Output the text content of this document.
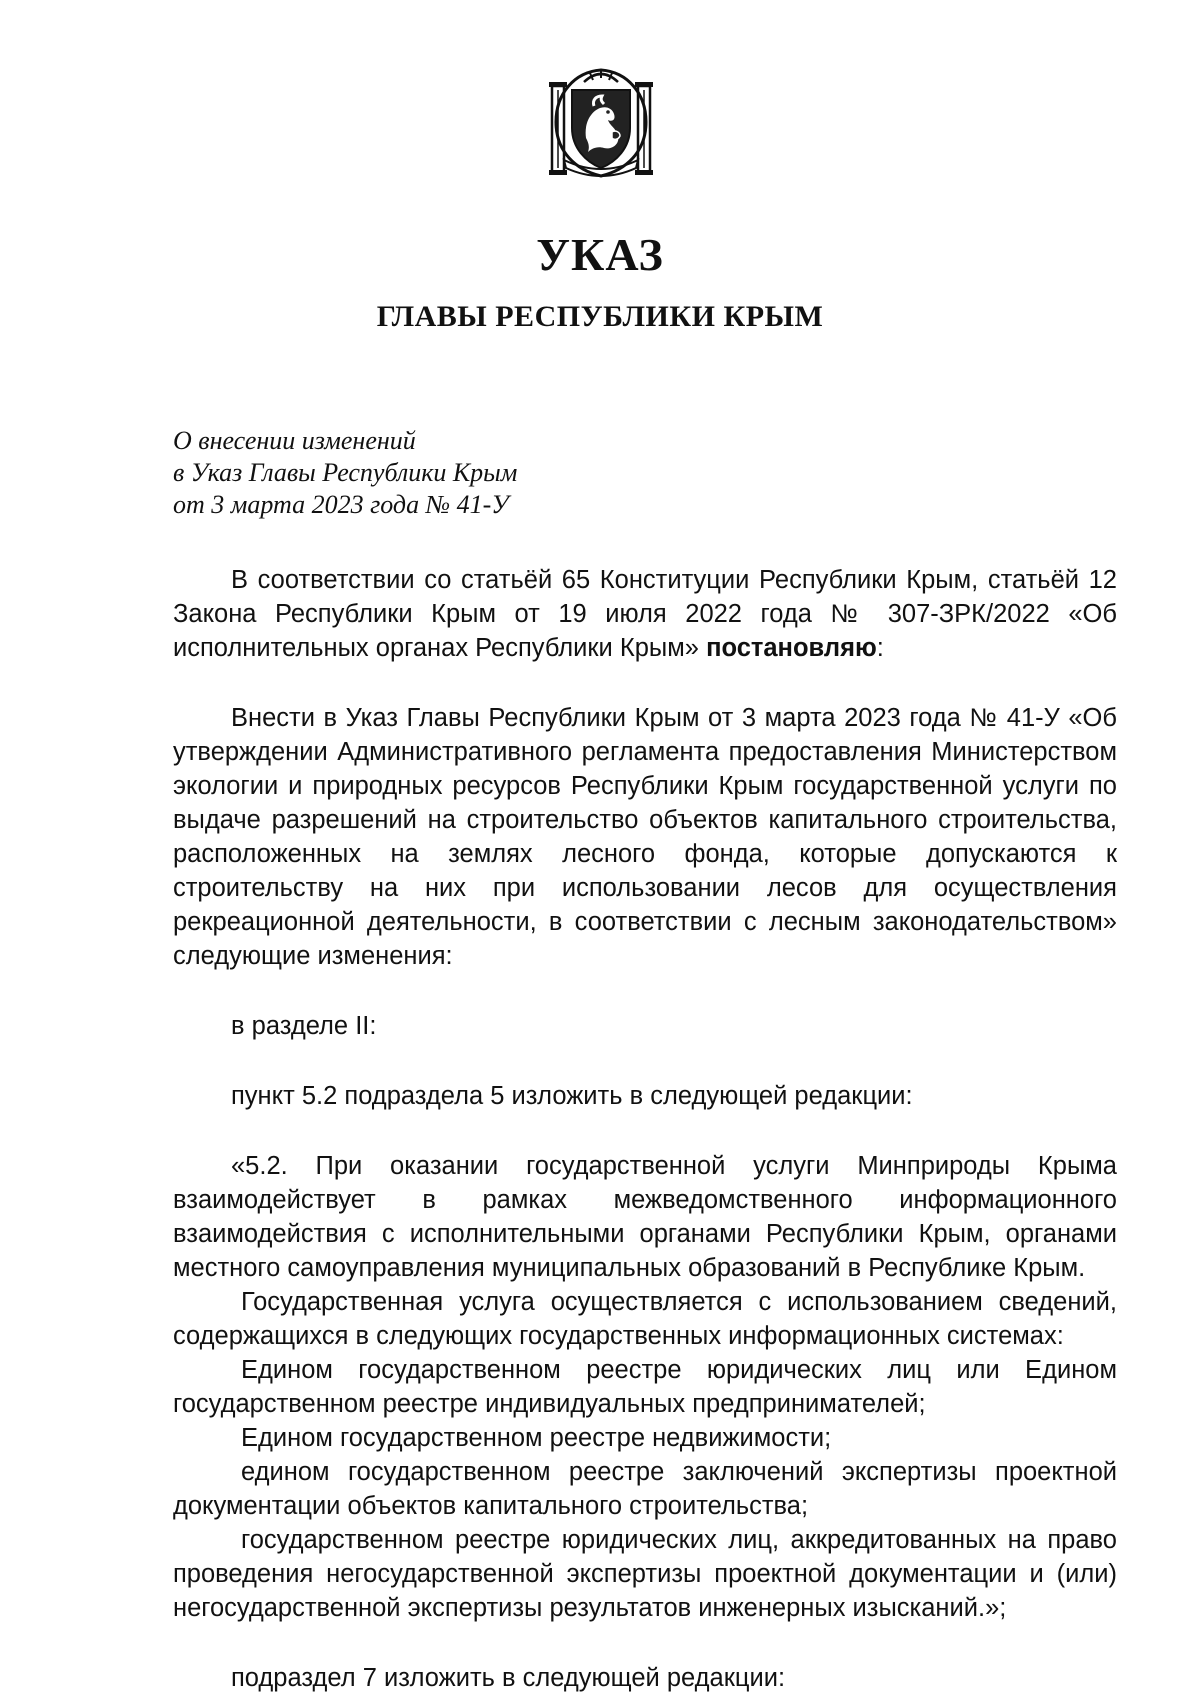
УКАЗ
ГЛАВЫ РЕСПУБЛИКИ КРЫМ
О внесении изменений
в Указ Главы Республики Крым
от 3 марта 2023 года № 41-У

В соответствии со статьёй 65 Конституции Республики Крым, статьёй 12 Закона Республики Крым от 19 июля 2022 года № 307-ЗРК/2022 «Об исполнительных органах Республики Крым» постановляю:

Внести в Указ Главы Республики Крым от 3 марта 2023 года № 41-У «Об утверждении Административного регламента предоставления Министерством экологии и природных ресурсов Республики Крым государственной услуги по выдаче разрешений на строительство объектов капитального строительства, расположенных на землях лесного фонда, которые допускаются к строительству на них при использовании лесов для осуществления рекреационной деятельности, в соответствии с лесным законодательством» следующие изменения:

в разделе II:

пункт 5.2 подраздела 5 изложить в следующей редакции:

«5.2. При оказании государственной услуги Минприроды Крыма взаимодействует в рамках межведомственного информационного взаимодействия с исполнительными органами Республики Крым, органами местного самоуправления муниципальных образований в Республике Крым.

Государственная услуга осуществляется с использованием сведений, содержащихся в следующих государственных информационных системах:

Едином государственном реестре юридических лиц или Едином государственном реестре индивидуальных предпринимателей;

Едином государственном реестре недвижимости;

едином государственном реестре заключений экспертизы проектной документации объектов капитального строительства;

государственном реестре юридических лиц, аккредитованных на право проведения негосударственной экспертизы проектной документации и (или) негосударственной экспертизы результатов инженерных изысканий.»;

подраздел 7 изложить в следующей редакции:
